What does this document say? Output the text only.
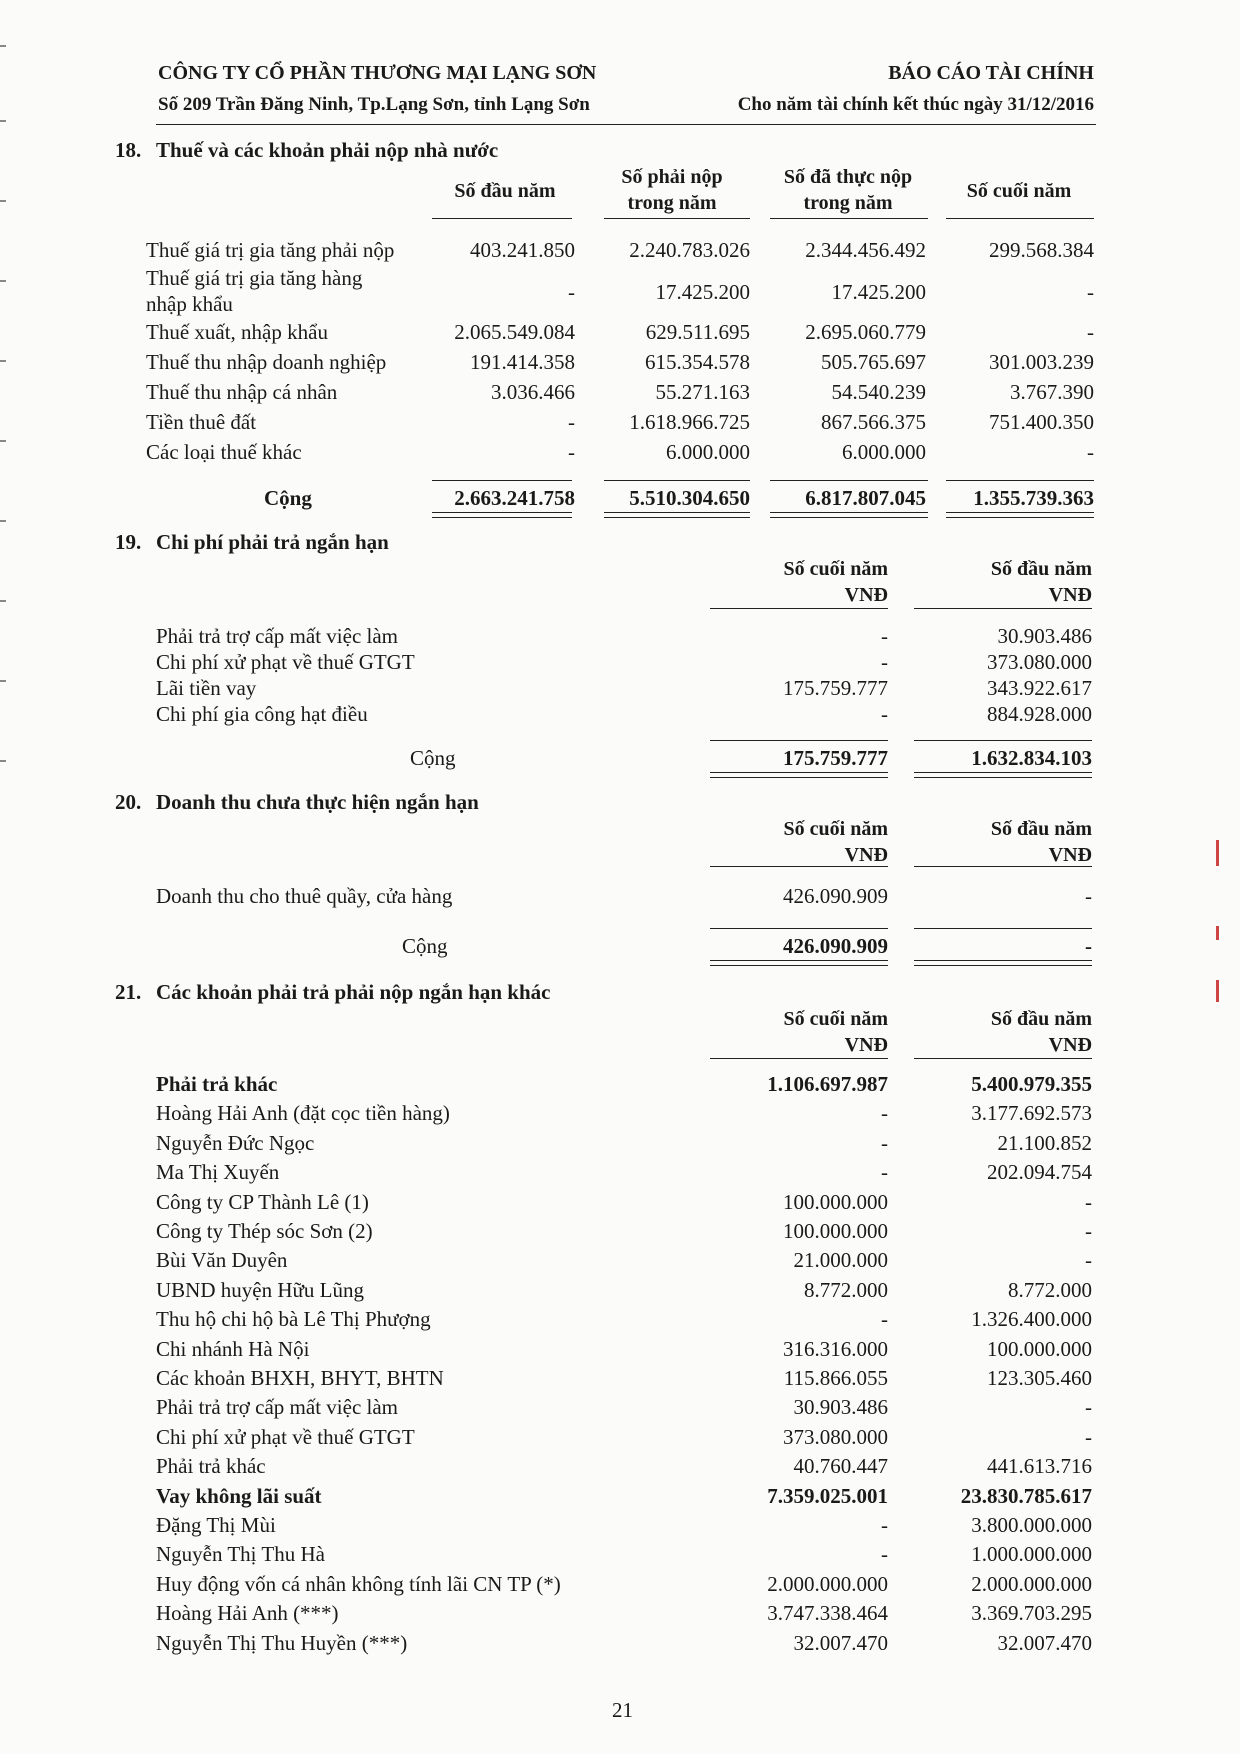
CÔNG TY CỔ PHẦN THƯƠNG MẠI LẠNG SƠN
Số 209 Trần Đăng Ninh, Tp.Lạng Sơn, tỉnh Lạng Sơn
BÁO CÁO TÀI CHÍNH
Cho năm tài chính kết thúc ngày 31/12/2016
18. Thuế và các khoản phải nộp nhà nước
Số đầu năm
Số phải nộp
trong năm
Số đã thực nộp
trong năm
Số cuối năm
Thuế giá trị gia tăng phải nộp	403.241.850	2.240.783.026	2.344.456.492	299.568.384
Thuế giá trị gia tăng hàng
nhập khẩu	-	17.425.200	17.425.200	-
Thuế xuất, nhập khẩu	2.065.549.084	629.511.695	2.695.060.779	-
Thuế thu nhập doanh nghiệp	191.414.358	615.354.578	505.765.697	301.003.239
Thuế thu nhập cá nhân	3.036.466	55.271.163	54.540.239	3.767.390
Tiền thuê đất	-	1.618.966.725	867.566.375	751.400.350
Các loại thuế khác	-	6.000.000	6.000.000	-
Cộng	2.663.241.758	5.510.304.650	6.817.807.045 1.355.739.363
19. Chi phí phải trả ngắn hạn
Số cuối năm
VNĐ
Số đầu năm
VNĐ
Phải trả trợ cấp mất việc làm	-	30.903.486
Chi phí xử phạt về thuế GTGT	-	373.080.000
Lãi tiền vay	175.759.777	343.922.617
Chi phí gia công hạt điều	-	884.928.000
Cộng	175.759.777	1.632.834.103
20. Doanh thu chưa thực hiện ngắn hạn
Số cuối năm
VNĐ
Số đầu năm
VNĐ
Doanh thu cho thuê quầy, cửa hàng	426.090.909	-
Cộng	426.090.909	-
21. Các khoản phải trả phải nộp ngắn hạn khác
Số cuối năm
VNĐ
Số đầu năm
VNĐ
Phải trả khác	1.106.697.987	5.400.979.355
Hoàng Hải Anh (đặt cọc tiền hàng)	-	3.177.692.573
Nguyễn Đức Ngọc	-	21.100.852
Ma Thị Xuyến	-	202.094.754
Công ty CP Thành Lê (1)	100.000.000	-
Công ty Thép sóc Sơn (2)	100.000.000	-
Bùi Văn Duyên	21.000.000	-
UBND huyện Hữu Lũng	8.772.000	8.772.000
Thu hộ chi hộ bà Lê Thị Phượng	-	1.326.400.000
Chi nhánh Hà Nội	316.316.000	100.000.000
Các khoản BHXH, BHYT, BHTN	115.866.055	123.305.460
Phải trả trợ cấp mất việc làm	30.903.486	-
Chi phí xử phạt về thuế GTGT	373.080.000	-
Phải trả khác	40.760.447	441.613.716
Vay không lãi suất	7.359.025.001	23.830.785.617
Đặng Thị Mùi	-	3.800.000.000
Nguyễn Thị Thu Hà	-	1.000.000.000
Huy động vốn cá nhân không tính lãi CN TP (*)	2.000.000.000	2.000.000.000
Hoàng Hải Anh (***)	3.747.338.464	3.369.703.295
Nguyễn Thị Thu Huyền (***)	32.007.470	32.007.470
21
